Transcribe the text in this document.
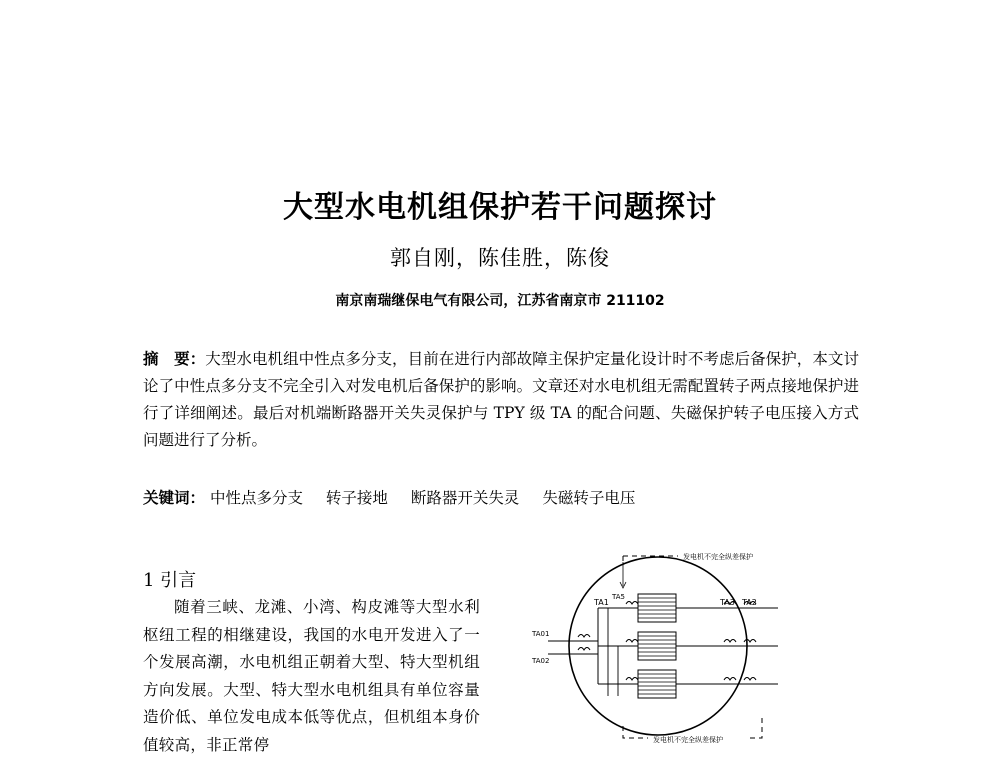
大型水电机组保护若干问题探讨
郭自刚，陈佳胜，陈俊
南京南瑞继保电气有限公司，江苏省南京市 211102
摘　要：大型水电机组中性点多分支，目前在进行内部故障主保护定量化设计时不考虑后备保护，本文讨论了中性点多分支不完全引入对发电机后备保护的影响。文章还对水电机组无需配置转子两点接地保护进行了详细阐述。最后对机端断路器开关失灵保护与 TPY 级 TA 的配合问题、失磁保护转子电压接入方式问题进行了分析。
关键词： 中性点多分支 转子接地 断路器开关失灵 失磁转子电压
1 引言
随着三峡、龙滩、小湾、构皮滩等大型水利枢纽工程的相继建设，我国的水电开发进入了一个发展高潮，水电机组正朝着大型、特大型机组方向发展。大型、特大型水电机组具有单位容量造价低、单位发电成本低等优点，但机组本身价值较高，非正常停
发电机不完全纵差保护
发电机不完全纵差保护
TA1
TA5
TA3 TA2
TA01
TA02
